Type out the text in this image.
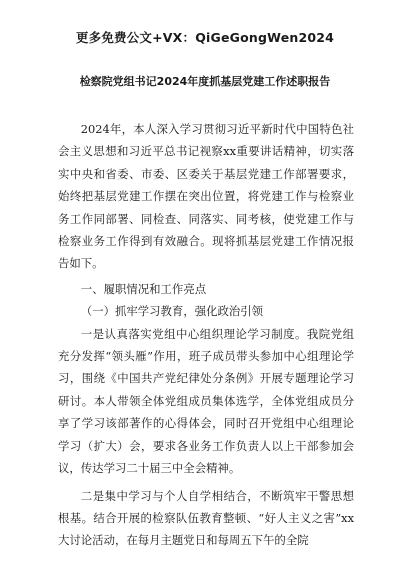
更多免费公文+VX：QiGeGongWen2024
检察院党组书记2024年度抓基层党建工作述职报告

2024年，本人深入学习贯彻习近平新时代中国特色社会主义思想和习近平总书记视察xx重要讲话精神，切实落实中央和省委、市委、区委关于基层党建工作部署要求，始终把基层党建工作摆在突出位置，将党建工作与检察业务工作同部署、同检查、同落实、同考核，使党建工作与检察业务工作得到有效融合。现将抓基层党建工作情况报告如下。

一、履职情况和工作亮点

（一）抓牢学习教育，强化政治引领

一是认真落实党组中心组织理论学习制度。我院党组充分发挥“领头雁”作用，班子成员带头参加中心组理论学习，围绕《中国共产党纪律处分条例》开展专题理论学习研讨。本人带领全体党组成员集体选学，全体党组成员分享了学习该部著作的心得体会，同时召开党组中心组理论学习（扩大）会，要求各业务工作负责人以上干部参加会议，传达学习二十届三中全会精神。

二是集中学习与个人自学相结合，不断筑牢干警思想根基。结合开展的检察队伍教育整顿、“好人主义之害”xx大讨论活动，在每月主题党日和每周五下午的全院
